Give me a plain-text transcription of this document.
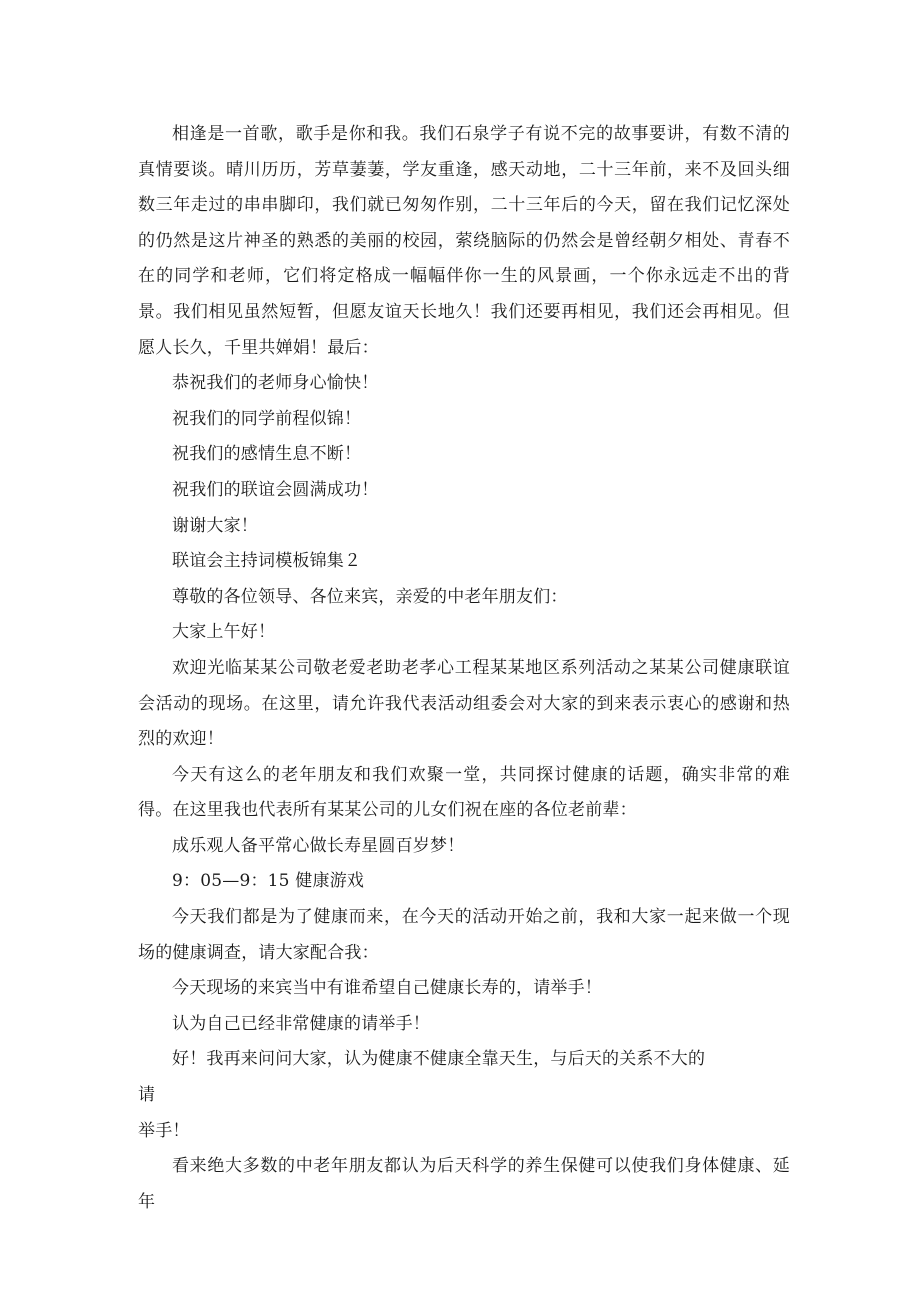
相逢是一首歌，歌手是你和我。我们石泉学子有说不完的故事要讲，有数不清的真情要谈。晴川历历，芳草萋萋，学友重逢，感天动地，二十三年前，来不及回头细数三年走过的串串脚印，我们就已匆匆作别，二十三年后的今天，留在我们记忆深处的仍然是这片神圣的熟悉的美丽的校园，萦绕脑际的仍然会是曾经朝夕相处、青春不在的同学和老师，它们将定格成一幅幅伴你一生的风景画，一个你永远走不出的背景。我们相见虽然短暂，但愿友谊天长地久！我们还要再相见，我们还会再相见。但愿人长久，千里共婵娟！最后：

恭祝我们的老师身心愉快！

祝我们的同学前程似锦！

祝我们的感情生息不断！

祝我们的联谊会圆满成功！

谢谢大家！

联谊会主持词模板锦集２

尊敬的各位领导、各位来宾，亲爱的中老年朋友们：

大家上午好！

欢迎光临某某公司敬老爱老助老孝心工程某某地区系列活动之某某公司健康联谊会活动的现场。在这里，请允许我代表活动组委会对大家的到来表示衷心的感谢和热烈的欢迎！

今天有这么的老年朋友和我们欢聚一堂，共同探讨健康的话题，确实非常的难得。在这里我也代表所有某某公司的儿女们祝在座的各位老前辈：

成乐观人备平常心做长寿星圆百岁梦！

9：05—9：15 健康游戏

今天我们都是为了健康而来，在今天的活动开始之前，我和大家一起来做一个现场的健康调查，请大家配合我：

今天现场的来宾当中有谁希望自己健康长寿的，请举手！

认为自己已经非常健康的请举手！

好！我再来问问大家，认为健康不健康全靠天生，与后天的关系不大的请

举手！

看来绝大多数的中老年朋友都认为后天科学的养生保健可以使我们身体健康、延年
